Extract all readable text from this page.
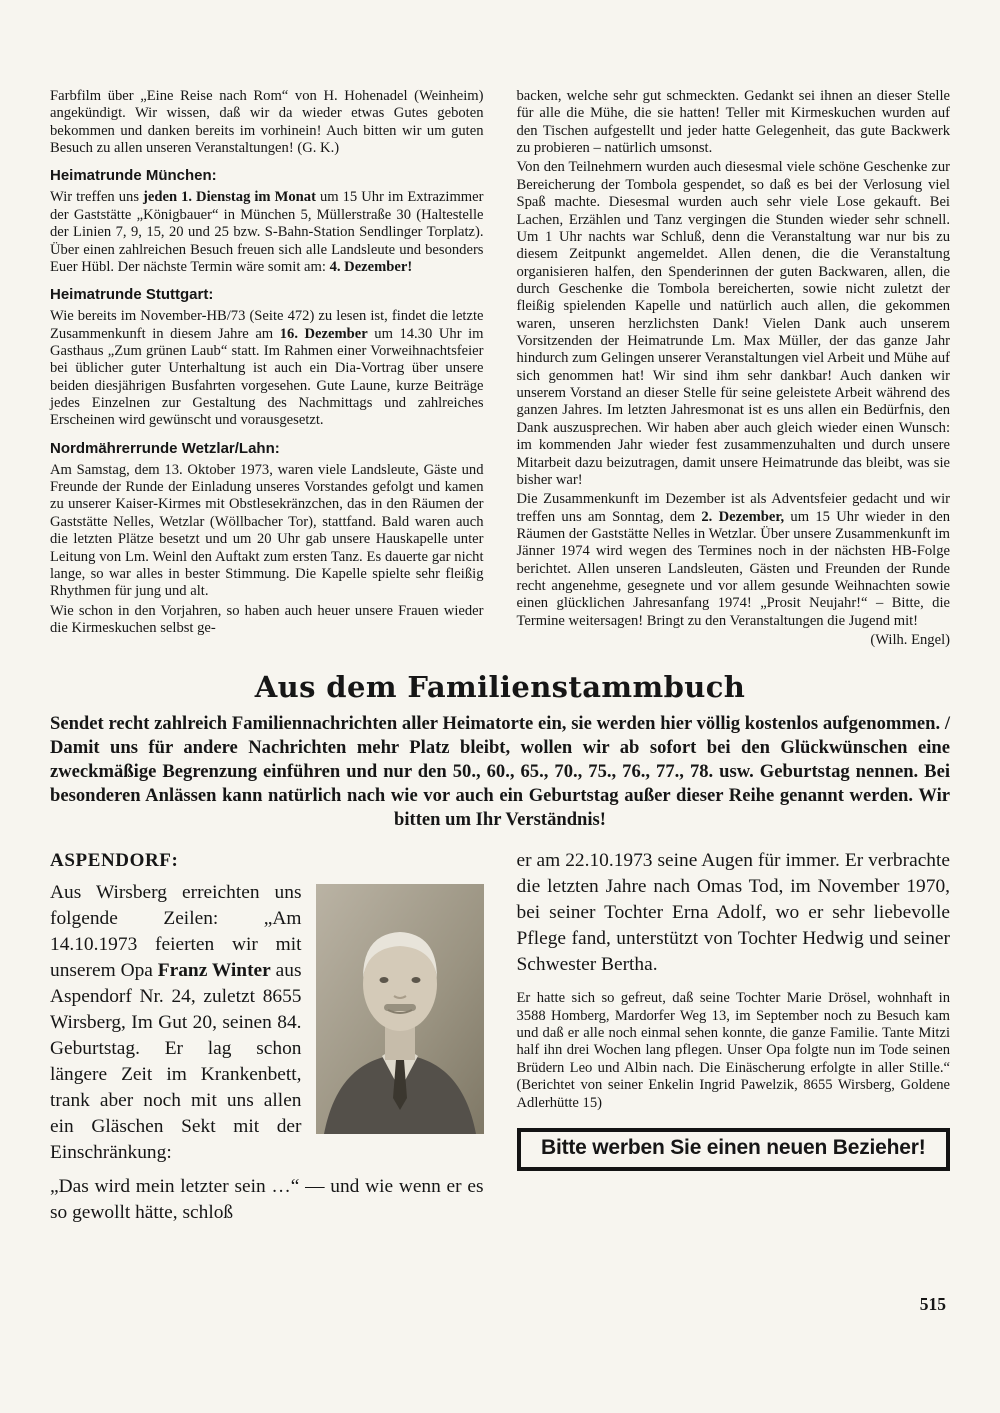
Farbfilm über „Eine Reise nach Rom“ von H. Hohenadel (Weinheim) angekündigt. Wir wissen, daß wir da wieder etwas Gutes geboten bekommen und danken bereits im vorhinein! Auch bitten wir um guten Besuch zu allen unseren Veranstaltungen! (G. K.)

Heimatrunde München:

Wir treffen uns jeden 1. Dienstag im Monat um 15 Uhr im Extrazimmer der Gaststätte „Königbauer“ in München 5, Müllerstraße 30 (Haltestelle der Linien 7, 9, 15, 20 und 25 bzw. S-Bahn-Station Sendlinger Torplatz). Über einen zahlreichen Besuch freuen sich alle Landsleute und besonders Euer Hübl. Der nächste Termin wäre somit am: 4. Dezember!

Heimatrunde Stuttgart:

Wie bereits im November-HB/73 (Seite 472) zu lesen ist, findet die letzte Zusammenkunft in diesem Jahre am 16. Dezember um 14.30 Uhr im Gasthaus „Zum grünen Laub“ statt. Im Rahmen einer Vorweihnachtsfeier bei üblicher guter Unterhaltung ist auch ein Dia-Vortrag über unsere beiden diesjährigen Busfahrten vorgesehen. Gute Laune, kurze Beiträge jedes Einzelnen zur Gestaltung des Nachmittags und zahlreiches Erscheinen wird gewünscht und vorausgesetzt.

Nordmährerrunde Wetzlar/Lahn:

Am Samstag, dem 13. Oktober 1973, waren viele Landsleute, Gäste und Freunde der Runde der Einladung unseres Vorstandes gefolgt und kamen zu unserer Kaiser-Kirmes mit Obstlesekränzchen, das in den Räumen der Gaststätte Nelles, Wetzlar (Wöllbacher Tor), stattfand. Bald waren auch die letzten Plätze besetzt und um 20 Uhr gab unsere Hauskapelle unter Leitung von Lm. Weinl den Auftakt zum ersten Tanz. Es dauerte gar nicht lange, so war alles in bester Stimmung. Die Kapelle spielte sehr fleißig Rhythmen für jung und alt.

Wie schon in den Vorjahren, so haben auch heuer unsere Frauen wieder die Kirmeskuchen selbst ge-

backen, welche sehr gut schmeckten. Gedankt sei ihnen an dieser Stelle für alle die Mühe, die sie hatten! Teller mit Kirmeskuchen wurden auf den Tischen aufgestellt und jeder hatte Gelegenheit, das gute Backwerk zu probieren – natürlich umsonst.

Von den Teilnehmern wurden auch diesesmal viele schöne Geschenke zur Bereicherung der Tombola gespendet, so daß es bei der Verlosung viel Spaß machte. Diesesmal wurden auch sehr viele Lose gekauft. Bei Lachen, Erzählen und Tanz vergingen die Stunden wieder sehr schnell. Um 1 Uhr nachts war Schluß, denn die Veranstaltung war nur bis zu diesem Zeitpunkt angemeldet. Allen denen, die die Veranstaltung organisieren halfen, den Spenderinnen der guten Backwaren, allen, die durch Geschenke die Tombola bereicherten, sowie nicht zuletzt der fleißig spielenden Kapelle und natürlich auch allen, die gekommen waren, unseren herzlichsten Dank! Vielen Dank auch unserem Vorsitzenden der Heimatrunde Lm. Max Müller, der das ganze Jahr hindurch zum Gelingen unserer Veranstaltungen viel Arbeit und Mühe auf sich genommen hat! Wir sind ihm sehr dankbar! Auch danken wir unserem Vorstand an dieser Stelle für seine geleistete Arbeit während des ganzen Jahres. Im letzten Jahresmonat ist es uns allen ein Bedürfnis, den Dank auszusprechen. Wir haben aber auch gleich wieder einen Wunsch: im kommenden Jahr wieder fest zusammenzuhalten und durch unsere Mitarbeit dazu beizutragen, damit unsere Heimatrunde das bleibt, was sie bisher war!

Die Zusammenkunft im Dezember ist als Adventsfeier gedacht und wir treffen uns am Sonntag, dem 2. Dezember, um 15 Uhr wieder in den Räumen der Gaststätte Nelles in Wetzlar. Über unsere Zusammenkunft im Jänner 1974 wird wegen des Termines noch in der nächsten HB-Folge berichtet. Allen unseren Landsleuten, Gästen und Freunden der Runde recht angenehme, gesegnete und vor allem gesunde Weihnachten sowie einen glücklichen Jahresanfang 1974! „Prosit Neujahr!“ – Bitte, die Termine weitersagen! Bringt zu den Veranstaltungen die Jugend mit!

(Wilh. Engel)

Aus dem Familienstammbuch

Sendet recht zahlreich Familiennachrichten aller Heimatorte ein, sie werden hier völlig kostenlos aufgenommen. / Damit uns für andere Nachrichten mehr Platz bleibt, wollen wir ab sofort bei den Glückwünschen eine zweckmäßige Begrenzung einführen und nur den 50., 60., 65., 70., 75., 76., 77., 78. usw. Geburtstag nennen. Bei besonderen Anlässen kann natürlich nach wie vor auch ein Geburtstag außer dieser Reihe genannt werden. Wir bitten um Ihr Verständnis!

ASPENDORF:

Aus Wirsberg erreichten uns folgende Zeilen: „Am 14.10.1973 feierten wir mit unserem Opa Franz Winter aus Aspendorf Nr. 24, zuletzt 8655 Wirsberg, Im Gut 20, seinen 84. Geburtstag. Er lag schon längere Zeit im Krankenbett, trank aber noch mit uns allen ein Gläschen Sekt mit der Einschränkung:

„Das wird mein letzter sein …“ — und wie wenn er es so gewollt hätte, schloß

er am 22.10.1973 seine Augen für immer. Er verbrachte die letzten Jahre nach Omas Tod, im November 1970, bei seiner Tochter Erna Adolf, wo er sehr liebevolle Pflege fand, unterstützt von Tochter Hedwig und seiner Schwester Bertha.

Er hatte sich so gefreut, daß seine Tochter Marie Drösel, wohnhaft in 3588 Homberg, Mardorfer Weg 13, im September noch zu Besuch kam und daß er alle noch einmal sehen konnte, die ganze Familie. Tante Mitzi half ihn drei Wochen lang pflegen. Unser Opa folgte nun im Tode seinen Brüdern Leo und Albin nach. Die Einäscherung erfolgte in aller Stille.“ (Berichtet von seiner Enkelin Ingrid Pawelzik, 8655 Wirsberg, Goldene Adlerhütte 15)

Bitte werben Sie einen neuen Bezieher!
515
